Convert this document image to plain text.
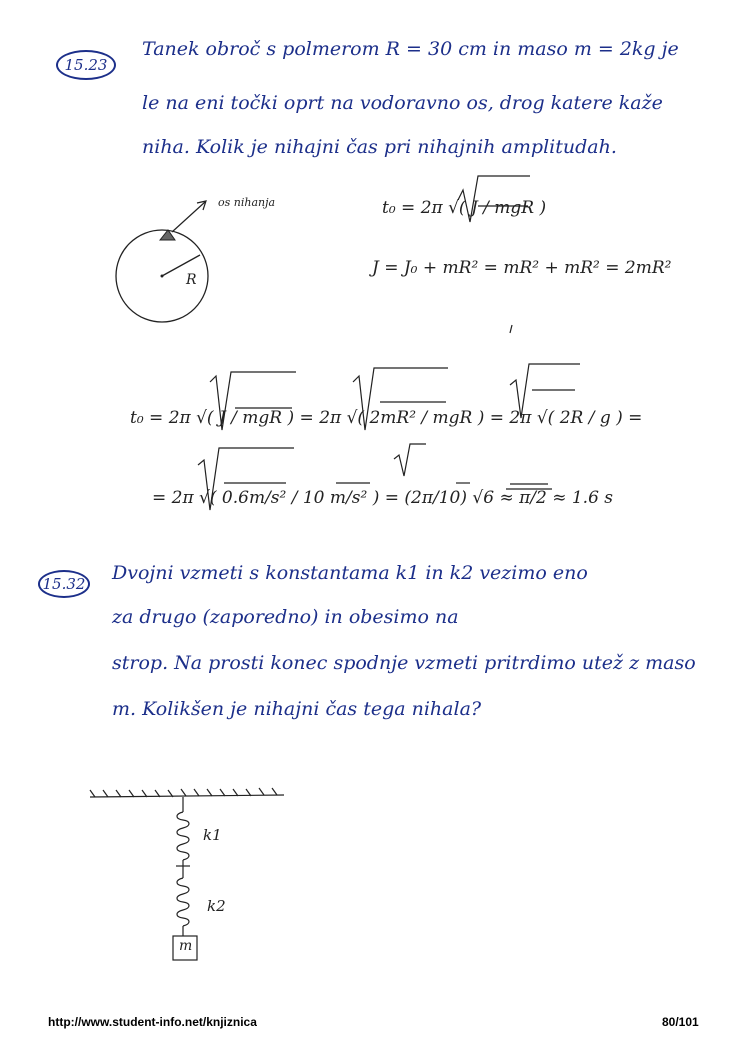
15.23
Tanek obroč s polmerom R = 30 cm in maso m = 2kg je
le na eni točki oprt na vodoravno os, drog katere kaže
niha. Kolik je nihajni čas pri nihajnih amplitudah.
os nihanja
R
t₀ = 2π √( J / mgR )
J = J₀ + mR² = mR² + mR² = 2mR²
t₀ = 2π √( J / mgR ) = 2π √( 2mR² / mgR ) = 2π √( 2R / g ) =
= 2π √( 0.6m/s² / 10 m/s² ) = (2π/10) √6 ≈ π/2 ≈ 1.6 s
15.32 Dvojni vzmeti s konstantama k1 in k2 vezimo eno
za drugo (zaporedno) in obesimo na
strop. Na prosti konec spodnje vzmeti pritrdimo utež z maso
m. Kolikšen je nihajni čas tega nihala?
k1
k2
m
http://www.student-info.net/knjiznica	80/101
